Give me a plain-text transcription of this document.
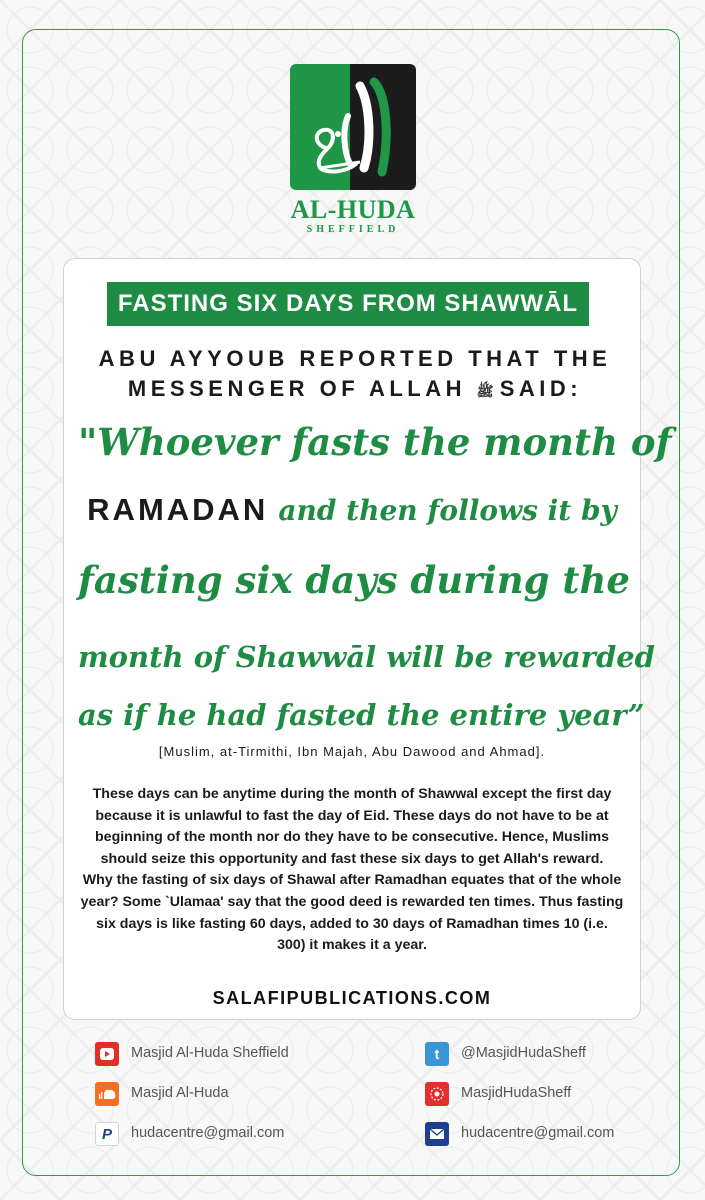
AL-HUDA
SHEFFIELD
FASTING SIX DAYS FROM SHAWWĀL
ABU AYYOUB REPORTED THAT THE
MESSENGER OF ALLAH ﷺ SAID:
"Whoever fasts the month of
RAMADAN and then follows it by
fasting six days during the
month of Shawwāl will be rewarded
as if he had fasted the entire year”
[Muslim, at-Tirmithi, Ibn Majah, Abu Dawood and Ahmad].

These days can be anytime during the month of Shawwal except the first day because it is unlawful to fast the day of Eid. These days do not have to be at beginning of the month nor do they have to be consecutive. Hence, Muslims should seize this opportunity and fast these six days to get Allah's reward.

Why the fasting of six days of Shawal after Ramadhan equates that of the whole year? Some `Ulamaa' say that the good deed is rewarded ten times. Thus fasting six days is like fasting 60 days, added to 30 days of Ramadhan times 10 (i.e. 300) it makes it a year.

SALAFIPUBLICATIONS.COM
Masjid Al-Huda Sheffield	t @MasjidHudaSheff
Masjid Al-Huda	MasjidHudaSheff
P hudacentre@gmail.com	hudacentre@gmail.com
